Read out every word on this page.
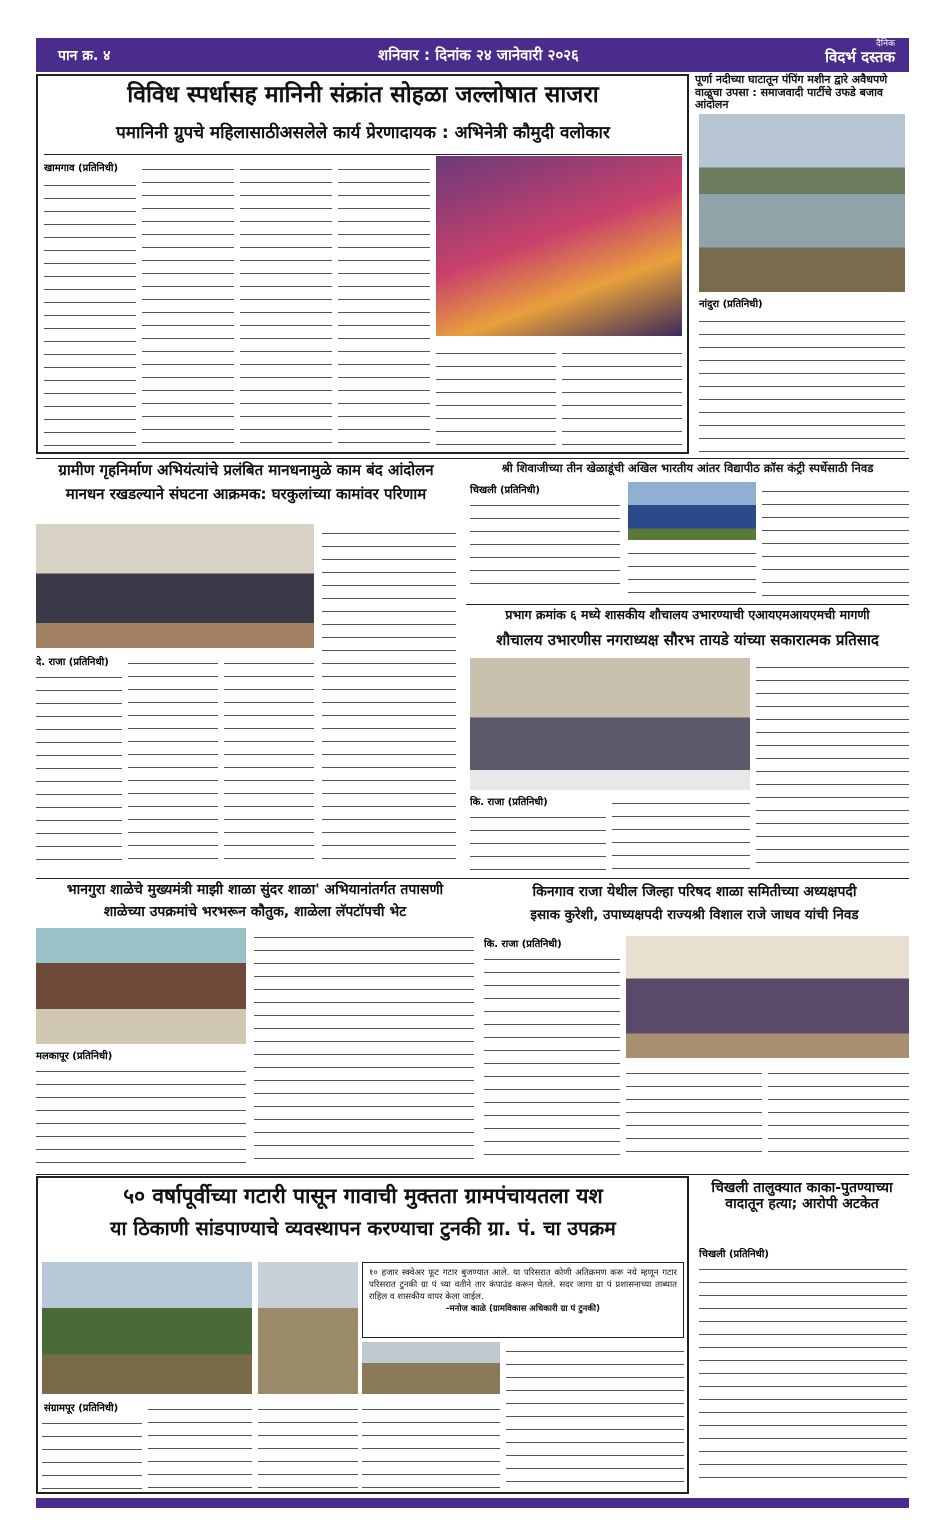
पान क्र. ४	शनिवार : दिनांक २४ जानेवारी २०२६
दैनिक
विदर्भ दस्तक
विविध स्पर्धासह मानिनी संक्रांत सोहळा जल्लोषात साजरा
पमानिनी ग्रुपचे महिलासाठीअसलेले कार्य प्रेरणादायक : अभिनेत्री कौमुदी वलोकार
खामगाव (प्रतिनिधी)
पूर्णा नदीच्या घाटातून पंपिंग मशीन द्वारे अवैधपणे वाळूचा उपसा : समाजवादी पार्टीचे उफडे बजाव आंदोलन
नांदुरा (प्रतिनिधी)
ग्रामीण गृहनिर्माण अभियंत्यांचे प्रलंबित मानधनामुळे काम बंद आंदोलन
मानधन रखडल्याने संघटना आक्रमक: घरकुलांच्या कामांवर परिणाम
दे. राजा (प्रतिनिधी)
श्री शिवाजीच्या तीन खेळाडूंची अखिल भारतीय आंतर विद्यापीठ क्रॉस कंट्री स्पर्धेसाठी निवड
चिखली (प्रतिनिधी)
प्रभाग क्रमांक ६ मध्ये शासकीय शौचालय उभारण्याची एआयएमआयएमची मागणी
शौचालय उभारणीस नगराध्यक्ष सौरभ तायडे यांच्या सकारात्मक प्रतिसाद
कि. राजा (प्रतिनिधी)
भानगुरा शाळेचे मुख्यमंत्री माझी शाळा सुंदर शाळा' अभियानांतर्गत तपासणी
शाळेच्या उपक्रमांचे भरभरून कौतुक, शाळेला लॅपटॉपची भेट
मलकापूर (प्रतिनिधी)
किनगाव राजा येथील जिल्हा परिषद शाळा समितीच्या अध्यक्षपदी
इसाक कुरेशी, उपाध्यक्षपदी राज्यश्री विशाल राजे जाधव यांची निवड
कि. राजा (प्रतिनिधी)
५० वर्षापूर्वीच्या गटारी पासून गावाची मुक्तता ग्रामपंचायतला यश
या ठिकाणी सांडपाण्याचे व्यवस्थापन करण्याचा टुनकी ग्रा. पं. चा उपक्रम
१० हजार स्क्वेअर फूट गटार बुजण्यात आले. या परिसरात कोणी अतिक्रमण करू नये म्हणून गटार परिसरात टुनकी ग्रा पं च्या वतीने तार कंपाउंड करून घेतले. सदर जागा ग्रा पं प्रशासनाच्या ताब्यात राहिल व शासकीय वापर केला जाईल.
-मनोज काळे (ग्रामविकास अधिकारी ग्रा पं टुनकी)
संग्रामपूर (प्रतिनिधी)
चिखली तालुक्यात काका-पुतण्याच्या वादातून हत्या; आरोपी अटकेत
चिखली (प्रतिनिधी)
